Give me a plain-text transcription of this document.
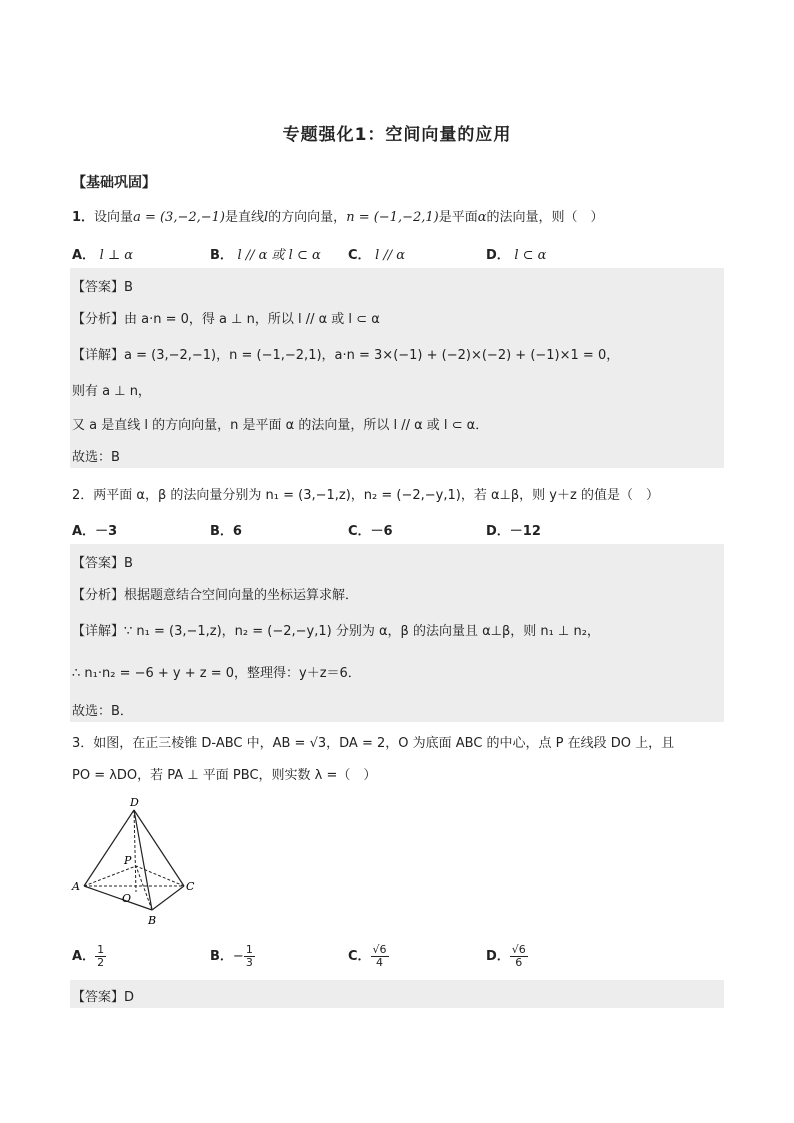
专题强化1：空间向量的应用
【基础巩固】
1．设向量a = (3,−2,−1)是直线l的方向向量，n = (−1,−2,1)是平面α的法向量，则（　）
A． l ⊥ α	B． l // α 或 l ⊂ α C． l // α	D． l ⊂ α
【答案】B
【分析】由 a·n = 0，得 a ⊥ n，所以 l // α 或 l ⊂ α
【详解】a = (3,−2,−1)，n = (−1,−2,1)，a·n = 3×(−1) + (−2)×(−2) + (−1)×1 = 0，
则有 a ⊥ n，
又 a 是直线 l 的方向向量，n 是平面 α 的法向量，所以 l // α 或 l ⊂ α．
故选：B
2．两平面 α，β 的法向量分别为 n₁ = (3,−1,z)，n₂ = (−2,−y,1)，若 α⊥β，则 y＋z 的值是（　）
A．－3	B．6	C．－6	D．－12
【答案】B
【分析】根据题意结合空间向量的坐标运算求解．
【详解】∵ n₁ = (3,−1,z)，n₂ = (−2,−y,1) 分别为 α，β 的法向量且 α⊥β，则 n₁ ⊥ n₂，
∴ n₁·n₂ = −6 + y + z = 0，整理得：y＋z＝6．
故选：B．
3．如图，在正三棱锥 D-ABC 中，AB = √3，DA = 2，O 为底面 ABC 的中心，点 P 在线段 DO 上，且
PO = λDO，若 PA ⊥ 平面 PBC，则实数 λ =（　）
D
A
B
C
O
P
A． $\frac{1}{2}$	B．− $\frac{1}{3}$	C． $\frac{√6}{4}$	D． $\frac{√6}{6}$
【答案】D
